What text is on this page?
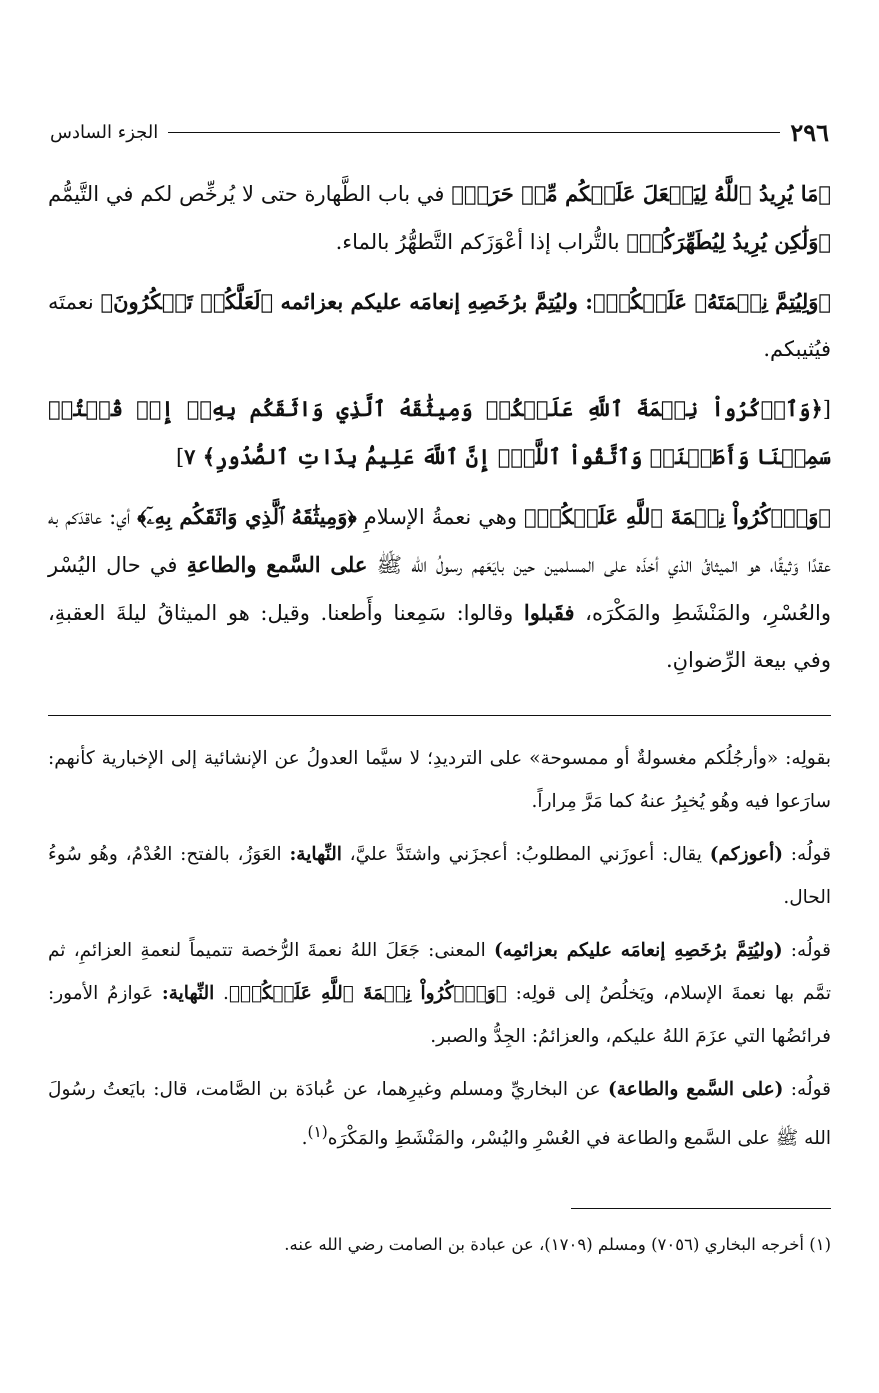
الجزء السادس	٢٩٦

﴿مَا يُرِيدُ ٱللَّهُ لِيَجۡعَلَ عَلَيۡكُم مِّنۡ حَرَجٖ﴾ في باب الطَّهارة حتى لا يُرخِّص لكم في التَّيمُّم ﴿وَلَٰكِن يُرِيدُ لِيُطَهِّرَكُمۡ﴾ بالتُّراب إذا أعْوَزَكم التَّطهُّرُ بالماء.

﴿وَلِيُتِمَّ نِعۡمَتَهُۥ عَلَيۡكُمۡ﴾: وليُتِمَّ برُخَصِهِ إنعامَه عليكم بعزائمه ﴿لَعَلَّكُمۡ تَشۡكُرُونَ﴾ نعمتَه فيُثيبكم.

[﴿وَٱذۡكُرُواْ نِعۡمَةَ ٱللَّهِ عَلَيۡكُمۡ وَمِيثَٰقَهُ ٱلَّذِي وَاثَقَكُم بِهِۦٓ إِذۡ قُلۡتُمۡ سَمِعۡنَا وَأَطَعۡنَاۖ وَٱتَّقُواْ ٱللَّهَۚ إِنَّ ٱللَّهَ عَلِيمُۢ بِذَاتِ ٱلصُّدُورِ﴾ ٧]

﴿وَٱذۡكُرُواْ نِعۡمَةَ ٱللَّهِ عَلَيۡكُمۡ﴾ وهي نعمةُ الإسلامِ ﴿وَمِيثَٰقَهُ ٱلَّذِي وَاثَقَكُم بِهِۦٓ﴾ أي: عاقدَكم به عقدًا وَثيقًا، هو الميثاقُ الذي أخذَه على المسلمين حين بايَعَهم رسولُ الله ﷺ على السَّمع والطاعةِ في حال اليُسْر والعُسْرِ، والمَنْشَطِ والمَكْرَه، فقَبلوا وقالوا: سَمِعنا وأَطعنا. وقيل: هو الميثاقُ ليلةَ العقبةِ، وفي بيعة الرِّضوانِ.

بقولِه: «وأرجُلُكم مغسولةٌ أو ممسوحة» على الترديدِ؛ لا سيَّما العدولُ عن الإنشائية إلى الإخبارية كأنهم: سارَعوا فيه وهُو يُخبِرُ عنهُ كما مَرَّ مِراراً.

قولُه: (أعوزكم) يقال: أعوزَني المطلوبُ: أعجزَني واشتَدَّ عليَّ، النِّهاية: العَوَزُ، بالفتح: العُدْمُ، وهُو سُوءُ الحال.

قولُه: (وليُتِمَّ برُخَصِهِ إنعامَه عليكم بعزائمِه) المعنى: جَعَلَ اللهُ نعمةَ الرُّخصة تتميماً لنعمةِ العزائمِ، ثم تمَّم بها نعمةَ الإسلام، ويَخلُصُ إلى قولِه: ﴿وَٱذۡكُرُواْ نِعۡمَةَ ٱللَّهِ عَلَيۡكُمۡ﴾. النِّهاية: عَوازمُ الأمور: فرائضُها التي عزَمَ اللهُ عليكم، والعزائمُ: الجِدُّ والصبر.

قولُه: (على السَّمع والطاعة) عن البخاريِّ ومسلم وغيرِهما، عن عُبادَة بن الصَّامت، قال: بايَعتُ رسُولَ الله ﷺ على السَّمع والطاعة في العُسْرِ واليُسْر، والمَنْشَطِ والمَكْرَه$^{(١)}$.

(١) أخرجه البخاري (٧٠٥٦) ومسلم (١٧٠٩)، عن عبادة بن الصامت رضي الله عنه.
